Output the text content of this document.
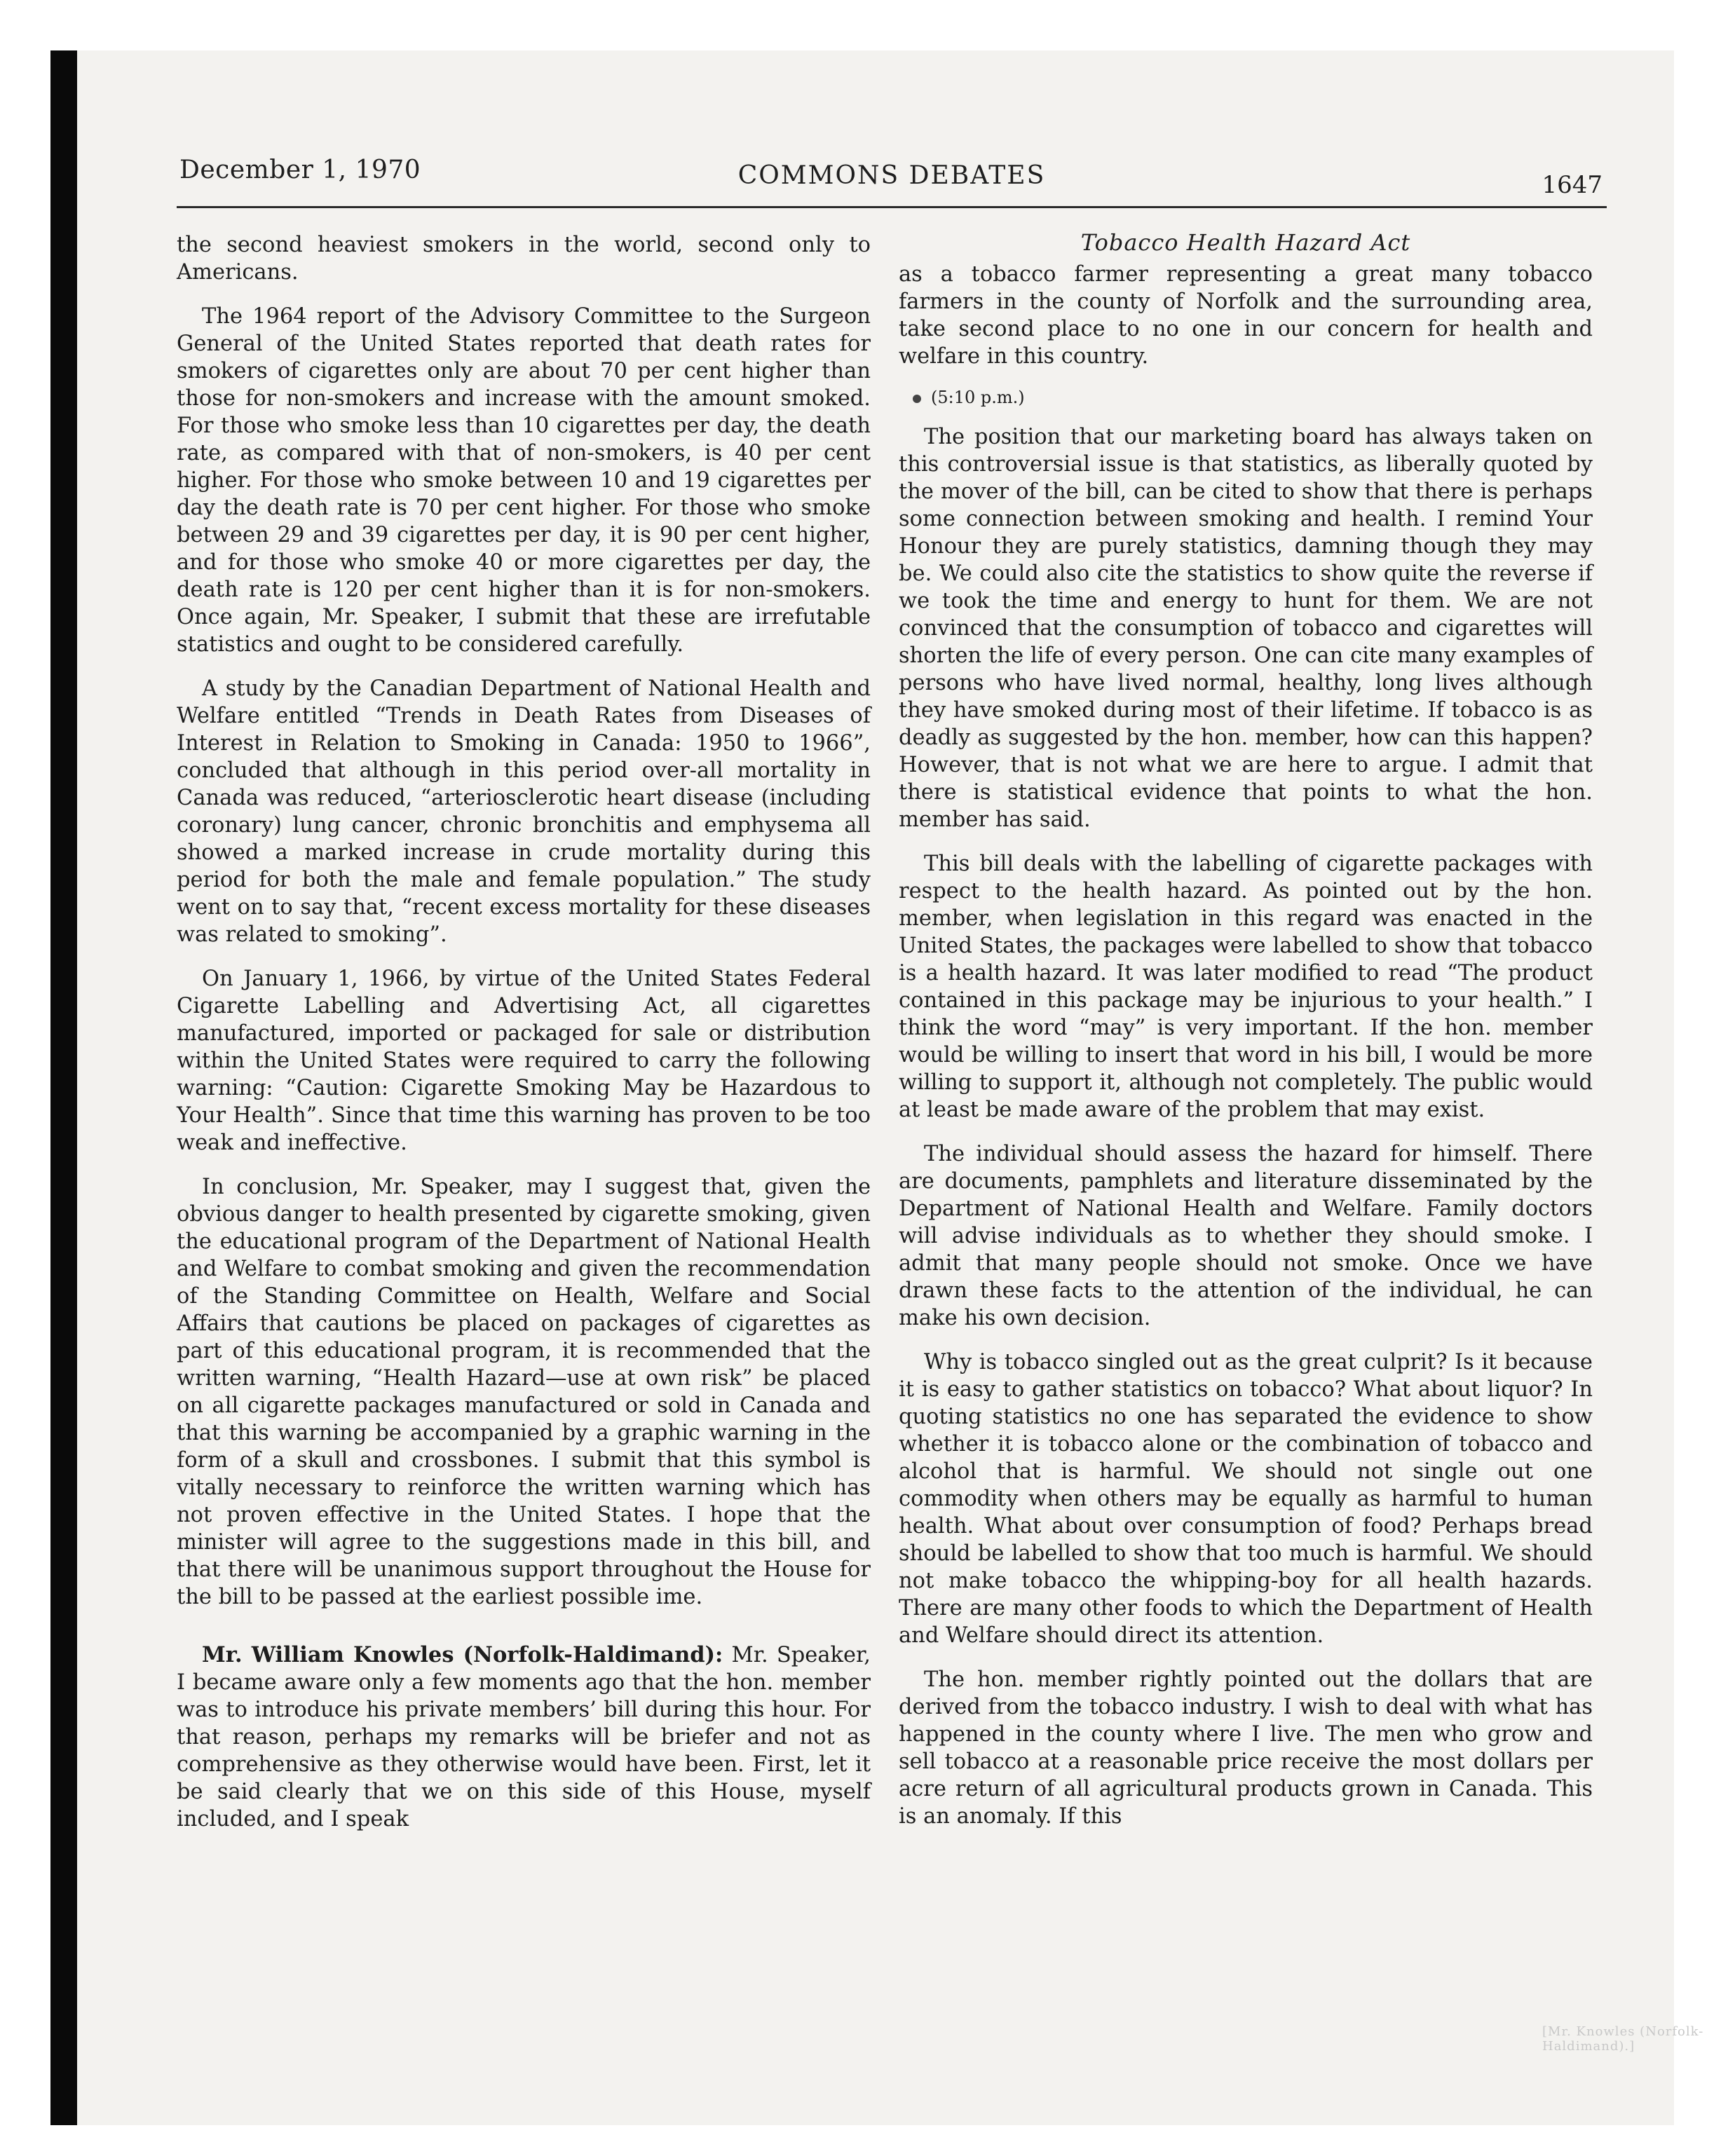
December 1, 1970	COMMONS DEBATES	1647

the second heaviest smokers in the world, second only to Americans.

The 1964 report of the Advisory Committee to the Surgeon General of the United States reported that death rates for smokers of cigarettes only are about 70 per cent higher than those for non-smokers and increase with the amount smoked. For those who smoke less than 10 cigarettes per day, the death rate, as compared with that of non-smokers, is 40 per cent higher. For those who smoke between 10 and 19 cigarettes per day the death rate is 70 per cent higher. For those who smoke between 29 and 39 cigarettes per day, it is 90 per cent higher, and for those who smoke 40 or more cigarettes per day, the death rate is 120 per cent higher than it is for non-smokers. Once again, Mr. Speaker, I submit that these are irrefutable statistics and ought to be considered carefully.

A study by the Canadian Department of National Health and Welfare entitled “Trends in Death Rates from Diseases of Interest in Relation to Smoking in Canada: 1950 to 1966”, concluded that although in this period over-all mortality in Canada was reduced, “arteriosclerotic heart disease (including coronary) lung cancer, chronic bronchitis and emphysema all showed a marked increase in crude mortality during this period for both the male and female population.” The study went on to say that, “recent excess mortality for these diseases was related to smoking”.

On January 1, 1966, by virtue of the United States Federal Cigarette Labelling and Advertising Act, all cigarettes manufactured, imported or packaged for sale or distribution within the United States were required to carry the following warning: “Caution: Cigarette Smoking May be Hazardous to Your Health”. Since that time this warning has proven to be too weak and ineffective.

In conclusion, Mr. Speaker, may I suggest that, given the obvious danger to health presented by cigarette smoking, given the educational program of the Department of National Health and Welfare to combat smoking and given the recommendation of the Standing Committee on Health, Welfare and Social Affairs that cautions be placed on packages of cigarettes as part of this educational program, it is recommended that the written warning, “Health Hazard—use at own risk” be placed on all cigarette packages manufactured or sold in Canada and that this warning be accompanied by a graphic warning in the form of a skull and crossbones. I submit that this symbol is vitally necessary to reinforce the written warning which has not proven effective in the United States. I hope that the minister will agree to the suggestions made in this bill, and that there will be unanimous support throughout the House for the bill to be passed at the earliest possible ime.

Mr. William Knowles (Norfolk-Haldimand): Mr. Speaker, I became aware only a few moments ago that the hon. member was to introduce his private members’ bill during this hour. For that reason, perhaps my remarks will be briefer and not as comprehensive as they otherwise would have been. First, let it be said clearly that we on this side of this House, myself included, and I speak

Tobacco Health Hazard Act

as a tobacco farmer representing a great many tobacco farmers in the county of Norfolk and the surrounding area, take second place to no one in our concern for health and welfare in this country.

(5:10 p.m.)

The position that our marketing board has always taken on this controversial issue is that statistics, as liberally quoted by the mover of the bill, can be cited to show that there is perhaps some connection between smoking and health. I remind Your Honour they are purely statistics, damning though they may be. We could also cite the statistics to show quite the reverse if we took the time and energy to hunt for them. We are not convinced that the consumption of tobacco and cigarettes will shorten the life of every person. One can cite many examples of persons who have lived normal, healthy, long lives although they have smoked during most of their lifetime. If tobacco is as deadly as suggested by the hon. member, how can this happen? However, that is not what we are here to argue. I admit that there is statistical evidence that points to what the hon. member has said.

This bill deals with the labelling of cigarette packages with respect to the health hazard. As pointed out by the hon. member, when legislation in this regard was enacted in the United States, the packages were labelled to show that tobacco is a health hazard. It was later modified to read “The product contained in this package may be injurious to your health.” I think the word “may” is very important. If the hon. member would be willing to insert that word in his bill, I would be more willing to support it, although not completely. The public would at least be made aware of the problem that may exist.

The individual should assess the hazard for himself. There are documents, pamphlets and literature disseminated by the Department of National Health and Welfare. Family doctors will advise individuals as to whether they should smoke. I admit that many people should not smoke. Once we have drawn these facts to the attention of the individual, he can make his own decision.

Why is tobacco singled out as the great culprit? Is it because it is easy to gather statistics on tobacco? What about liquor? In quoting statistics no one has separated the evidence to show whether it is tobacco alone or the combination of tobacco and alcohol that is harmful. We should not single out one commodity when others may be equally as harmful to human health. What about over consumption of food? Perhaps bread should be labelled to show that too much is harmful. We should not make tobacco the whipping-boy for all health hazards. There are many other foods to which the Department of Health and Welfare should direct its attention.

The hon. member rightly pointed out the dollars that are derived from the tobacco industry. I wish to deal with what has happened in the county where I live. The men who grow and sell tobacco at a reasonable price receive the most dollars per acre return of all agricultural products grown in Canada. This is an anomaly. If this

[Mr. Knowles (Norfolk-Haldimand).]
